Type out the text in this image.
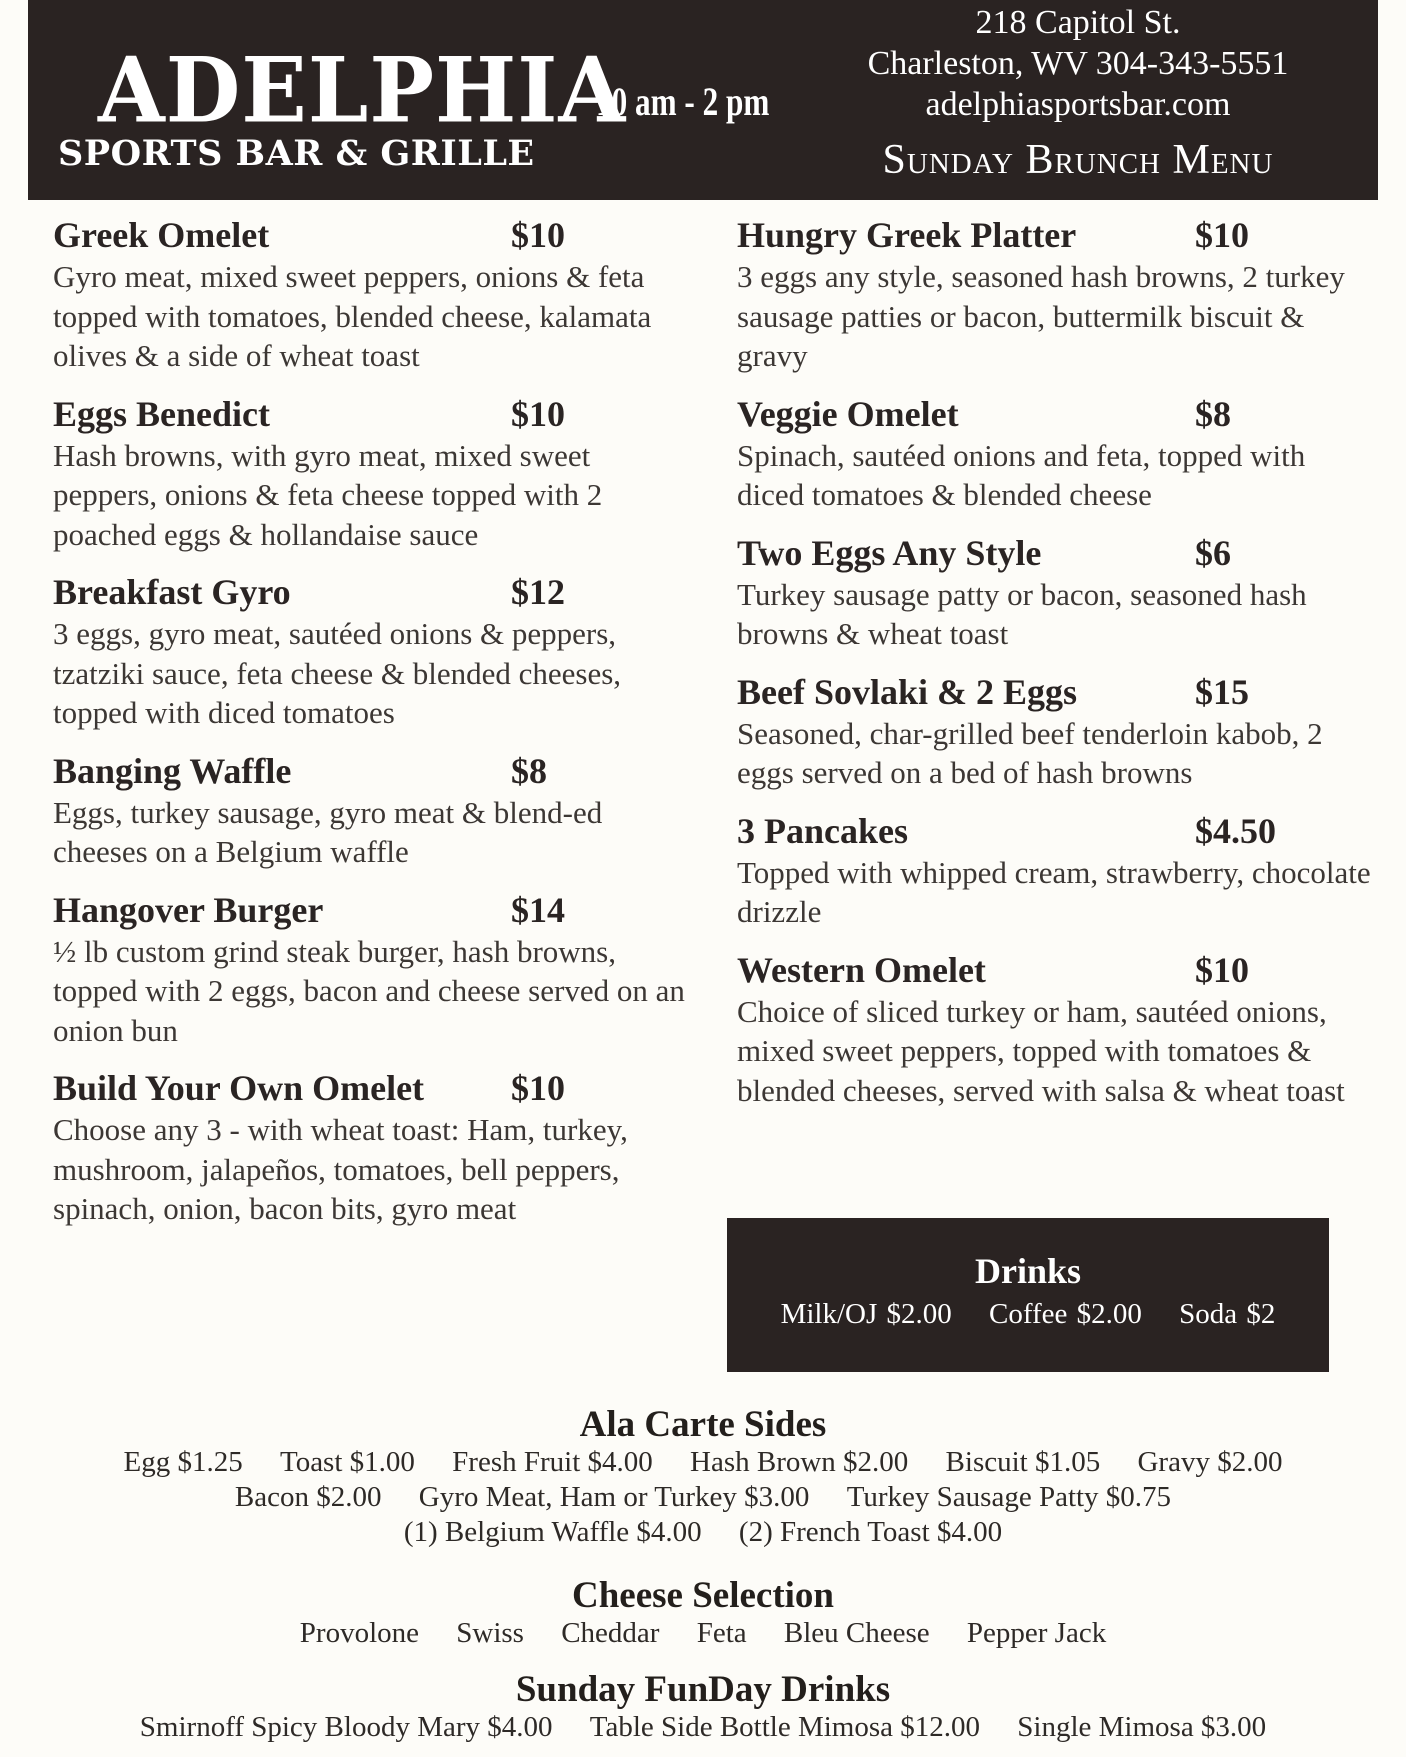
ADELPHIA
SPORTS BAR & GRILLE
10 am - 2 pm
218 Capitol St.
Charleston, WV 304-343-5551
adelphiasportsbar.com
Sunday Brunch Menu
Greek Omelet	$10
Gyro meat, mixed sweet peppers, onions & feta topped with tomatoes, blended cheese, kalamata olives & a side of wheat toast
Eggs Benedict	$10
Hash browns, with gyro meat, mixed sweet peppers, onions & feta cheese topped with 2 poached eggs & hollandaise sauce
Breakfast Gyro	$12
3 eggs, gyro meat, sautéed onions & peppers, tzatziki sauce, feta cheese & blended cheeses, topped with diced tomatoes
Banging Waffle	$8
Eggs, turkey sausage, gyro meat & blend-ed cheeses on a Belgium waffle
Hangover Burger	$14
½ lb custom grind steak burger, hash browns, topped with 2 eggs, bacon and cheese served on an onion bun
Build Your Own Omelet	$10
Choose any 3 - with wheat toast: Ham, turkey, mushroom, jalapeños, tomatoes, bell peppers, spinach, onion, bacon bits, gyro meat
Hungry Greek Platter	$10
3 eggs any style, seasoned hash browns, 2 turkey sausage patties or bacon, buttermilk biscuit & gravy
Veggie Omelet	$8
Spinach, sautéed onions and feta, topped with diced tomatoes & blended cheese
Two Eggs Any Style	$6
Turkey sausage patty or bacon, seasoned hash browns & wheat toast
Beef Sovlaki & 2 Eggs	$15
Seasoned, char-grilled beef tenderloin kabob, 2 eggs served on a bed of hash browns
3 Pancakes	$4.50
Topped with whipped cream, strawberry, chocolate drizzle
Western Omelet	$10
Choice of sliced turkey or ham, sautéed onions, mixed sweet peppers, topped with tomatoes & blended cheeses, served with salsa & wheat toast
Drinks
Milk/OJ $2.00 Coffee $2.00 Soda $2
Ala Carte Sides
Egg $1.25 Toast $1.00 Fresh Fruit $4.00 Hash Brown $2.00 Biscuit $1.05 Gravy $2.00
Bacon $2.00 Gyro Meat, Ham or Turkey $3.00 Turkey Sausage Patty $0.75
(1) Belgium Waffle $4.00 (2) French Toast $4.00
Cheese Selection
Provolone Swiss Cheddar Feta Bleu Cheese Pepper Jack
Sunday FunDay Drinks
Smirnoff Spicy Bloody Mary $4.00 Table Side Bottle Mimosa $12.00 Single Mimosa $3.00
